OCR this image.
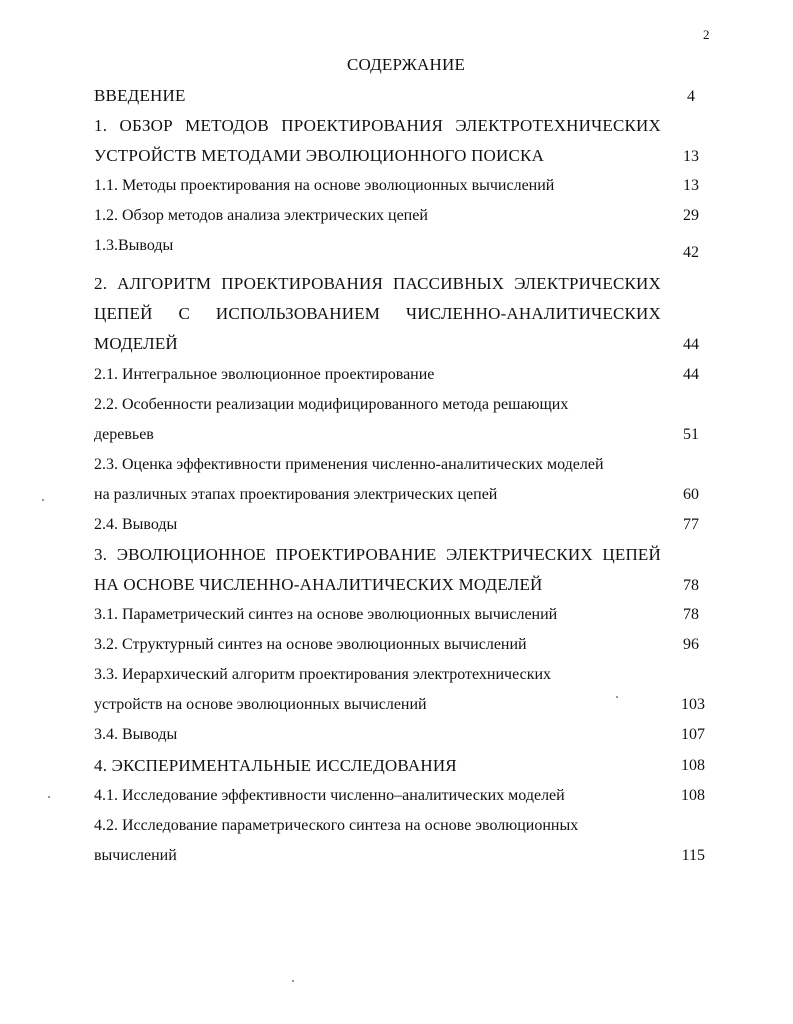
2
СОДЕРЖАНИЕ
ВВЕДЕНИЕ	4
1. ОБЗОР МЕТОДОВ ПРОЕКТИРОВАНИЯ ЭЛЕКТРОТЕХНИЧЕСКИХ
УСТРОЙСТВ МЕТОДАМИ ЭВОЛЮЦИОННОГО ПОИСКА	13
1.1. Методы проектирования на основе эволюционных вычислений	13
1.2. Обзор методов анализа электрических цепей	29
1.3.Выводы	42
2. АЛГОРИТМ ПРОЕКТИРОВАНИЯ ПАССИВНЫХ ЭЛЕКТРИЧЕСКИХ
ЦЕПЕЙ С ИСПОЛЬЗОВАНИЕМ ЧИСЛЕННО-АНАЛИТИЧЕСКИХ
МОДЕЛЕЙ	44
2.1. Интегральное эволюционное проектирование	44
2.2. Особенности реализации модифицированного метода решающих
деревьев	51
2.3. Оценка эффективности применения численно-аналитических моделей
на различных этапах проектирования электрических цепей	60
2.4. Выводы	77
3. ЭВОЛЮЦИОННОЕ ПРОЕКТИРОВАНИЕ ЭЛЕКТРИЧЕСКИХ ЦЕПЕЙ
НА ОСНОВЕ ЧИСЛЕННО-АНАЛИТИЧЕСКИХ МОДЕЛЕЙ	78
3.1. Параметрический синтез на основе эволюционных вычислений	78
3.2. Структурный синтез на основе эволюционных вычислений	96
3.3. Иерархический алгоритм проектирования электротехнических
устройств на основе эволюционных вычислений	103
3.4. Выводы	107
4. ЭКСПЕРИМЕНТАЛЬНЫЕ ИССЛЕДОВАНИЯ	108
4.1. Исследование эффективности численно–аналитических моделей	108
4.2. Исследование параметрического синтеза на основе эволюционных
вычислений	115
